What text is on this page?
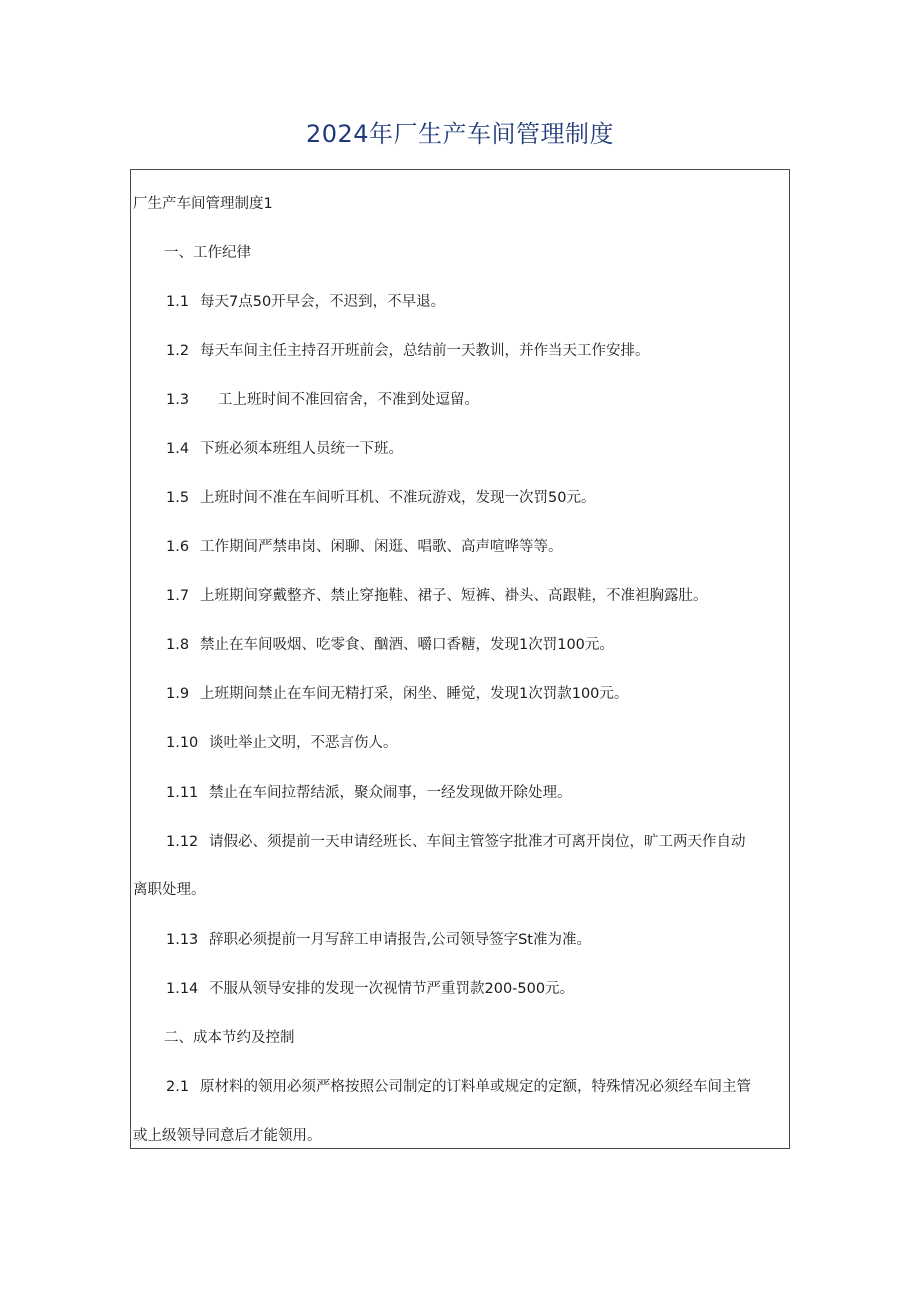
2024年厂生产车间管理制度
厂生产车间管理制度1
一、工作纪律
1.1 每天7点50开早会，不迟到，不早退。
1.2 每天车间主任主持召开班前会，总结前一天教训，并作当天工作安排。
1.3 工上班时间不准回宿舍，不准到处逗留。
1.4 下班必须本班组人员统一下班。
1.5 上班时间不准在车间听耳机、不准玩游戏，发现一次罚50元。
1.6 工作期间严禁串岗、闲聊、闲逛、唱歌、高声喧哗等等。
1.7 上班期间穿戴整齐、禁止穿拖鞋、裙子、短裤、褂头、高跟鞋，不准袒胸露肚。
1.8 禁止在车间吸烟、吃零食、酗酒、嚼口香糖，发现1次罚100元。
1.9 上班期间禁止在车间无精打采，闲坐、睡觉，发现1次罚款100元。
1.10 谈吐举止文明，不恶言伤人。
1.11 禁止在车间拉帮结派，聚众闹事，一经发现做开除处理。
1.12 请假必、须提前一天申请经班长、车间主管签字批准才可离开岗位，旷工两天作自动
离职处理。
1.13 辞职必须提前一月写辞工申请报告,公司领导签字St准为准。
1.14 不服从领导安排的发现一次视情节严重罚款200-500元。
二、成本节约及控制
2.1 原材料的领用必须严格按照公司制定的订料单或规定的定额，特殊情况必须经车间主管
或上级领导同意后才能领用。
